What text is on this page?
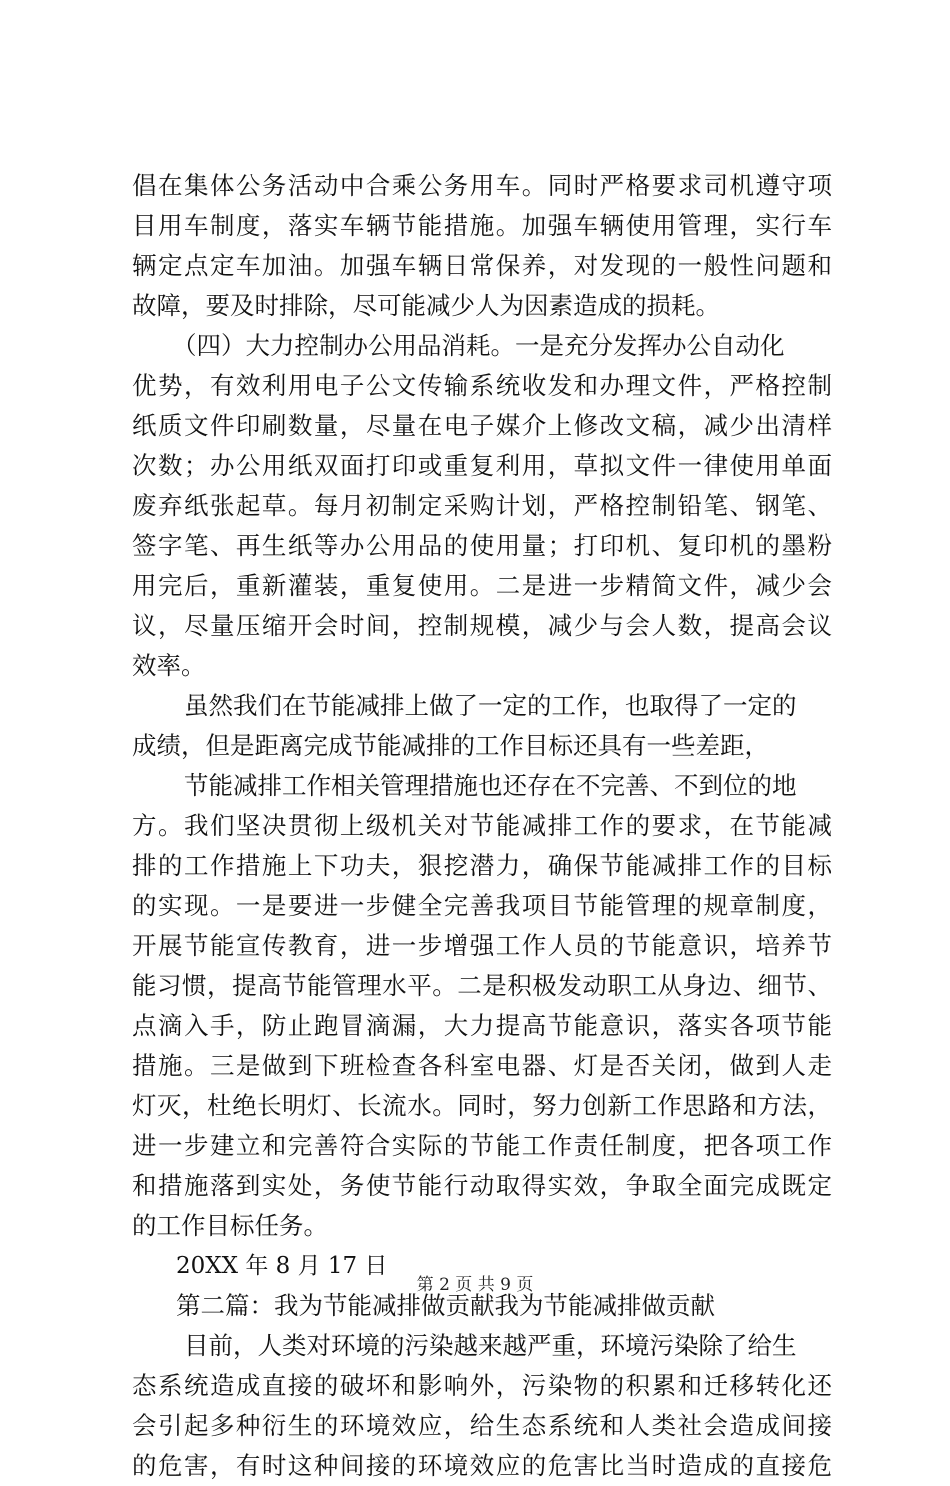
倡在集体公务活动中合乘公务用车。同时严格要求司机遵守项
目用车制度，落实车辆节能措施。加强车辆使用管理，实行车
辆定点定车加油。加强车辆日常保养，对发现的一般性问题和
故障，要及时排除，尽可能减少人为因素造成的损耗。
（四）大力控制办公用品消耗。一是充分发挥办公自动化
优势，有效利用电子公文传输系统收发和办理文件，严格控制
纸质文件印刷数量，尽量在电子媒介上修改文稿，减少出清样
次数；办公用纸双面打印或重复利用，草拟文件一律使用单面
废弃纸张起草。每月初制定采购计划，严格控制铅笔、钢笔、
签字笔、再生纸等办公用品的使用量；打印机、复印机的墨粉
用完后，重新灌装，重复使用。二是进一步精简文件，减少会
议，尽量压缩开会时间，控制规模，减少与会人数，提高会议
效率。
虽然我们在节能减排上做了一定的工作，也取得了一定的
成绩，但是距离完成节能减排的工作目标还具有一些差距，
节能减排工作相关管理措施也还存在不完善、不到位的地
方。我们坚决贯彻上级机关对节能减排工作的要求，在节能减
排的工作措施上下功夫，狠挖潜力，确保节能减排工作的目标
的实现。一是要进一步健全完善我项目节能管理的规章制度，
开展节能宣传教育，进一步增强工作人员的节能意识，培养节
能习惯，提高节能管理水平。二是积极发动职工从身边、细节、
点滴入手，防止跑冒滴漏，大力提高节能意识，落实各项节能
措施。三是做到下班检查各科室电器、灯是否关闭，做到人走
灯灭，杜绝长明灯、长流水。同时，努力创新工作思路和方法，
进一步建立和完善符合实际的节能工作责任制度，把各项工作
和措施落到实处，务使节能行动取得实效，争取全面完成既定
的工作目标任务。
20XX 年 8 月 17 日
第二篇：我为节能减排做贡献我为节能减排做贡献
目前，人类对环境的污染越来越严重，环境污染除了给生
态系统造成直接的破坏和影响外，污染物的积累和迁移转化还
会引起多种衍生的环境效应，给生态系统和人类社会造成间接
的危害，有时这种间接的环境效应的危害比当时造成的直接危
第 2 页 共 9 页
